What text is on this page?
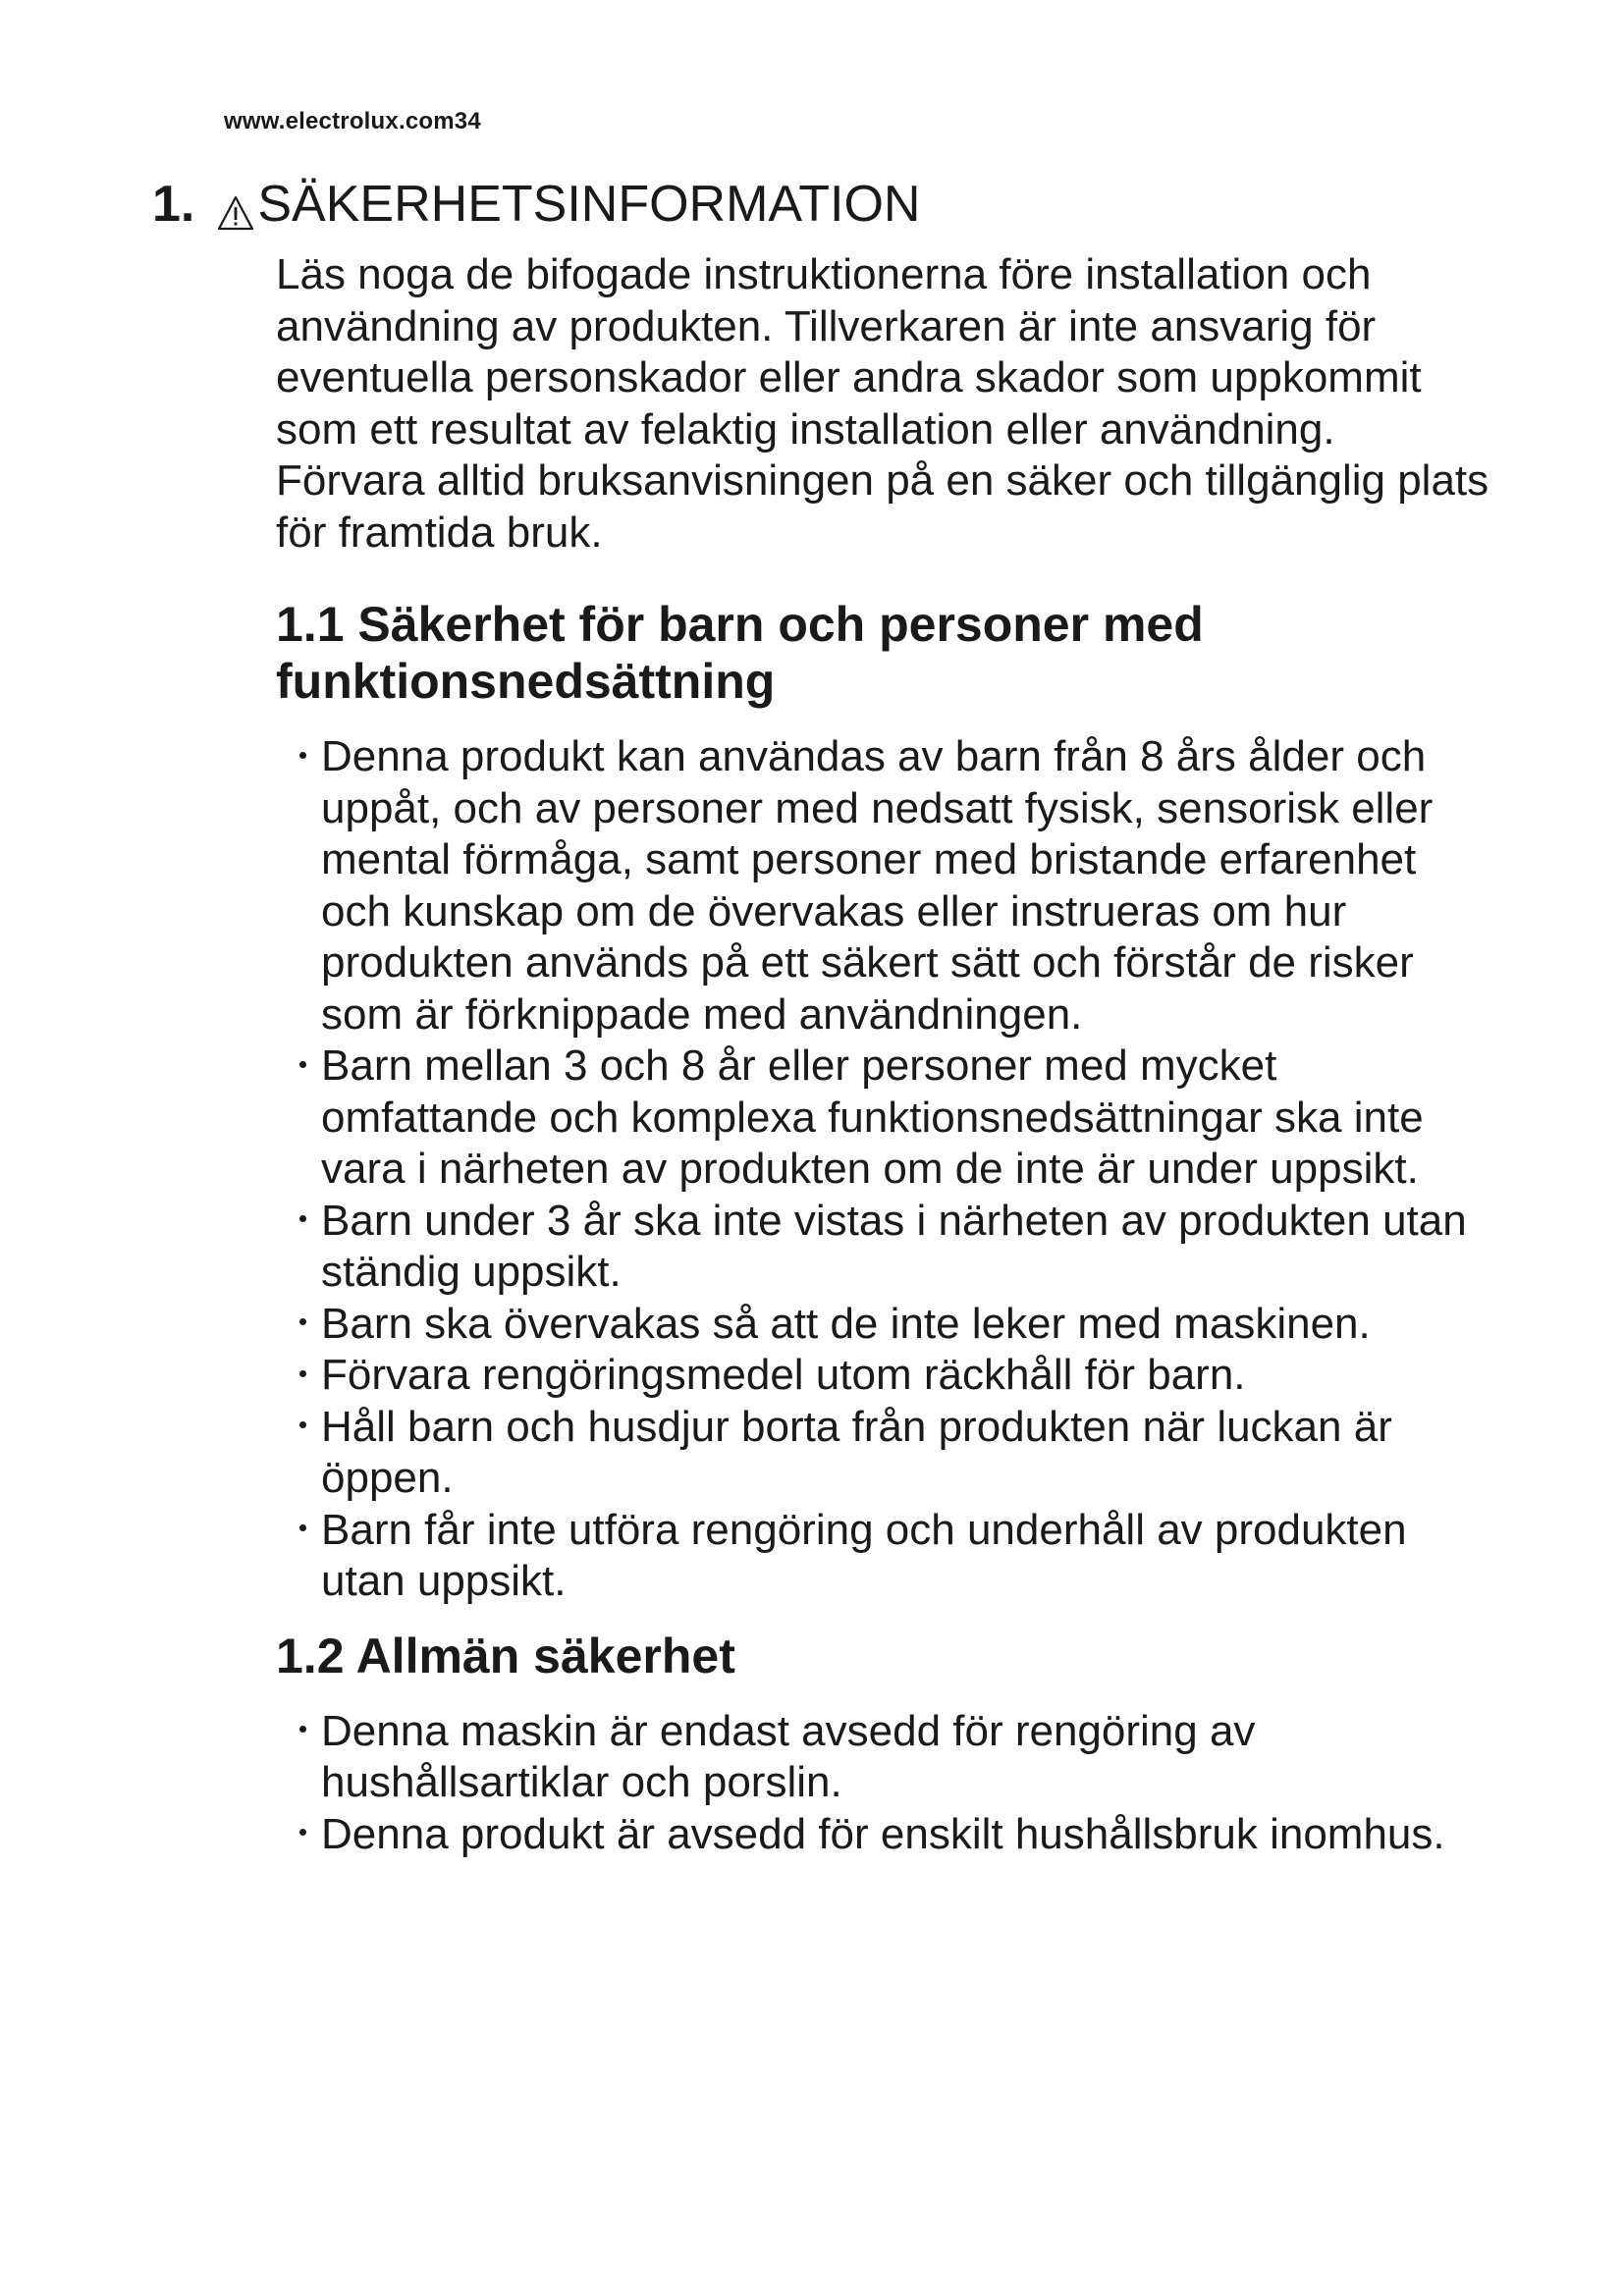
www.electrolux.com34
1. SÄKERHETSINFORMATION

Läs noga de bifogade instruktionerna före installation och användning av produkten. Tillverkaren är inte ansvarig för eventuella personskador eller andra skador som uppkommit som ett resultat av felaktig installation eller användning. Förvara alltid bruksanvisningen på en säker och tillgänglig plats för framtida bruk.

1.1 Säkerhet för barn och personer med funktionsnedsättning
Denna produkt kan användas av barn från 8 års ålder och uppåt, och av personer med nedsatt fysisk, sensorisk eller mental förmåga, samt personer med bristande erfarenhet och kunskap om de övervakas eller instrueras om hur produkten används på ett säkert sätt och förstår de risker som är förknippade med användningen.
Barn mellan 3 och 8 år eller personer med mycket omfattande och komplexa funktionsnedsättningar ska inte vara i närheten av produkten om de inte är under uppsikt.
Barn under 3 år ska inte vistas i närheten av produkten utan ständig uppsikt.
Barn ska övervakas så att de inte leker med maskinen.
Förvara rengöringsmedel utom räckhåll för barn.
Håll barn och husdjur borta från produkten när luckan är öppen.
Barn får inte utföra rengöring och underhåll av produkten utan uppsikt.
1.2 Allmän säkerhet
Denna maskin är endast avsedd för rengöring av hushållsartiklar och porslin.
Denna produkt är avsedd för enskilt hushållsbruk inomhus.
